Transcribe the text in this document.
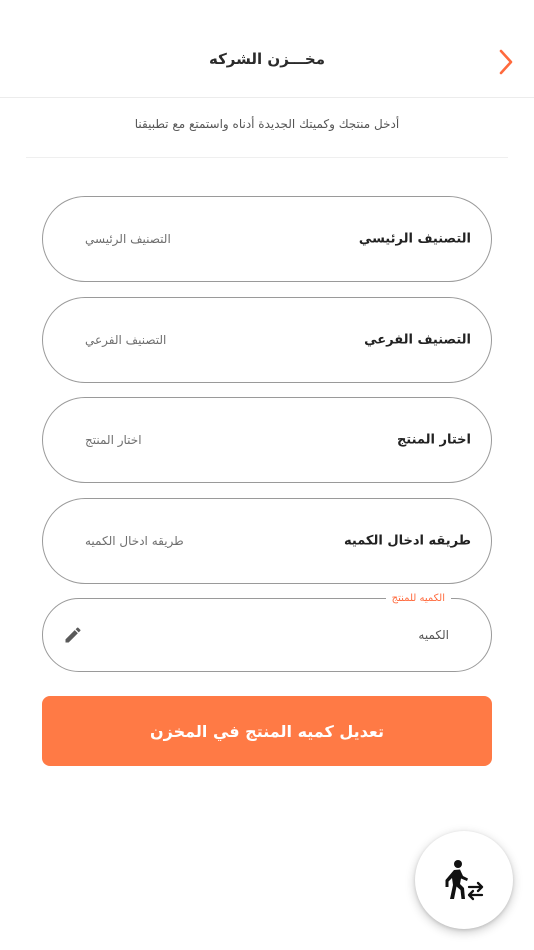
مخـــزن الشركه
أدخل منتجك وكميتك الجديدة أدناه واستمتع مع تطبيقنا
التصنيف الرئيسي
التصنيف الرئيسي
التصنيف الفرعي
التصنيف الفرعي
اختار المنتج
اختار المنتج
طريقه ادخال الكميه
طريقه ادخال الكميه
الكميه للمنتج
الكميه
تعديل كميه المنتج في المخزن
